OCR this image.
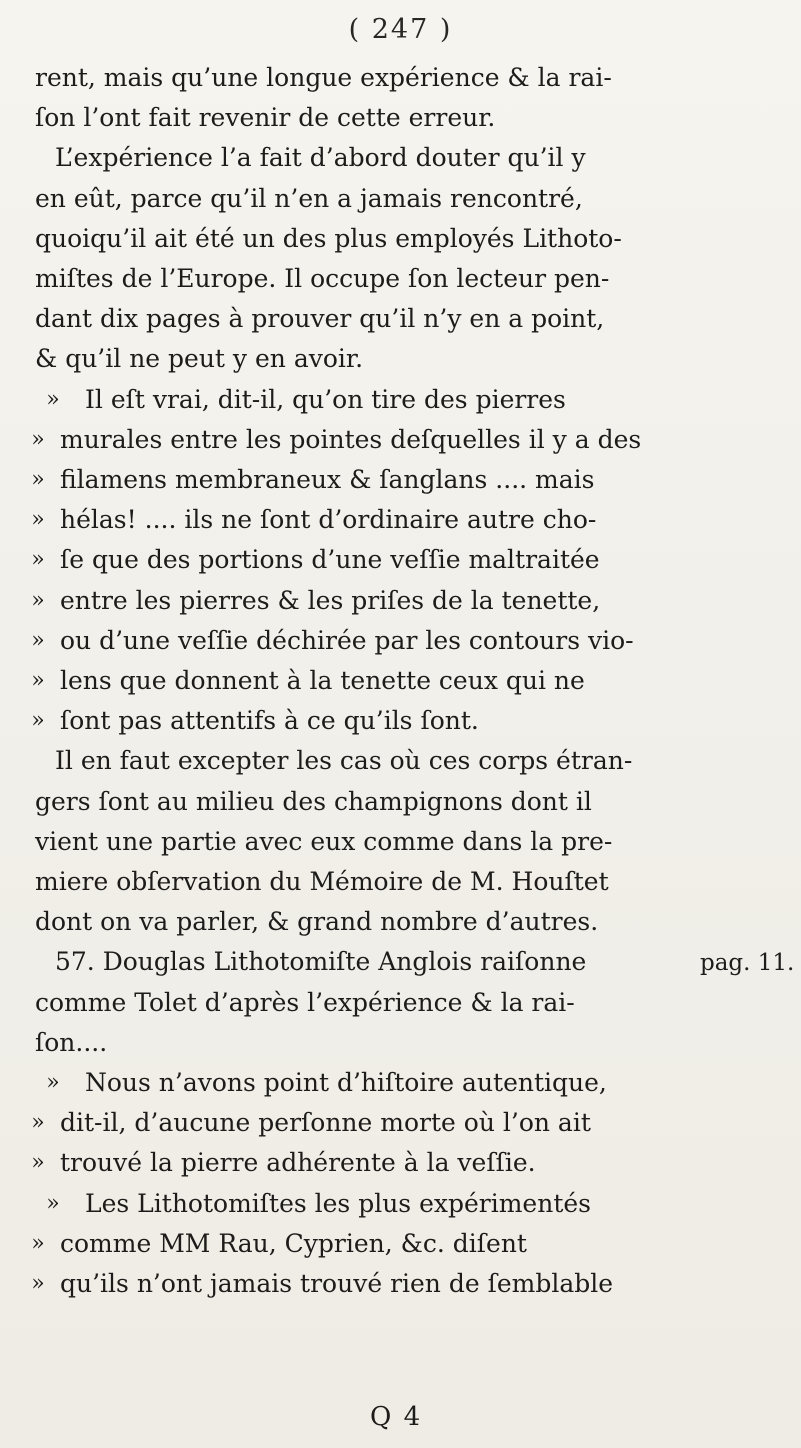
( 247 )
rent, mais qu’une longue expérience & la rai-
ſon l’ont fait revenir de cette erreur.
L’expérience l’a fait d’abord douter qu’il y
en eût, parce qu’il n’en a jamais rencontré,
quoiqu’il ait été un des plus employés Lithoto-
miſtes de l’Europe. Il occupe ſon lecteur pen-
dant dix pages à prouver qu’il n’y en a point,
& qu’il ne peut y en avoir.
» Il eſt vrai, dit-il, qu’on tire des pierres
» murales entre les pointes deſquelles il y a des
» filamens membraneux & ſanglans .... mais
» hélas! .... ils ne ſont d’ordinaire autre cho-
» ſe que des portions d’une veſſie maltraitée
» entre les pierres & les priſes de la tenette,
» ou d’une veſſie déchirée par les contours vio-
» lens que donnent à la tenette ceux qui ne
» ſont pas attentifs à ce qu’ils ſont.
Il en faut excepter les cas où ces corps étran-
gers ſont au milieu des champignons dont il
vient une partie avec eux comme dans la pre-
miere obſervation du Mémoire de M. Houſtet
dont on va parler, & grand nombre d’autres.
57. Douglas Lithotomiſte Anglois raiſonne
comme Tolet d’après l’expérience & la rai-
ſon....
» Nous n’avons point d’hiſtoire autentique,
» dit-il, d’aucune perſonne morte où l’on ait
» trouvé la pierre adhérente à la veſſie.
» Les Lithotomiſtes les plus expérimentés
» comme MM Rau, Cyprien, &c. diſent
» qu’ils n’ont jamais trouvé rien de ſemblable
pag. 11.
Q 4
